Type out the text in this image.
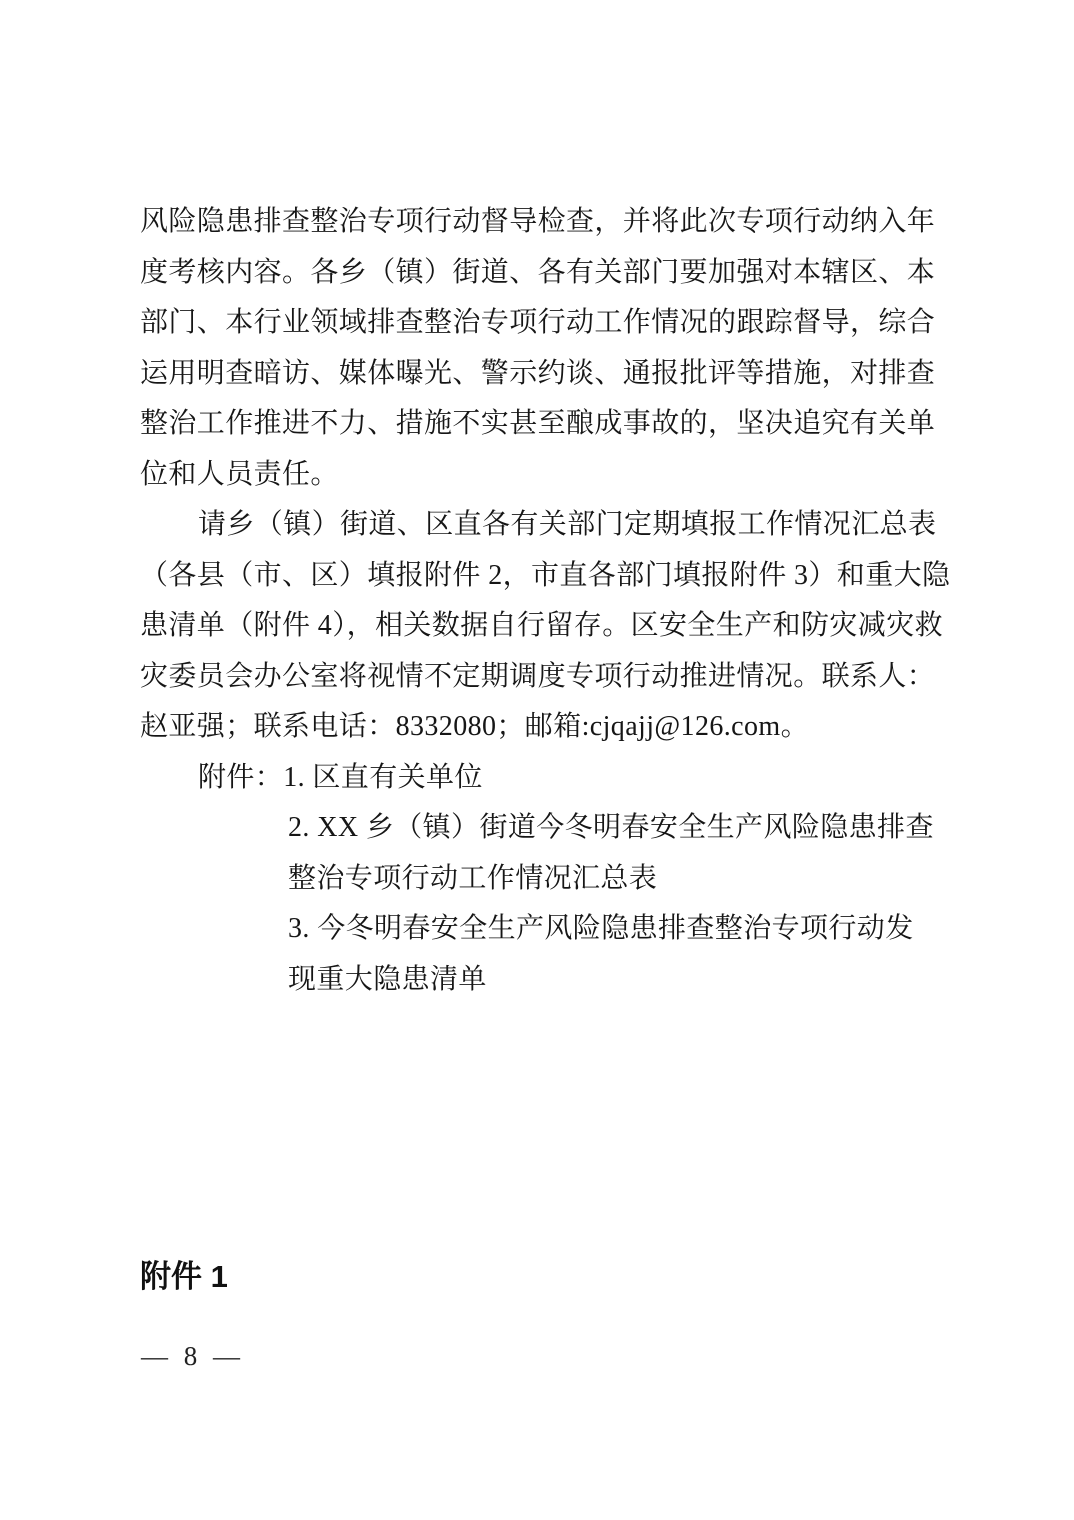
风险隐患排查整治专项行动督导检查，并将此次专项行动纳入年
度考核内容。各乡（镇）街道、各有关部门要加强对本辖区、本
部门、本行业领域排查整治专项行动工作情况的跟踪督导，综合
运用明查暗访、媒体曝光、警示约谈、通报批评等措施，对排查
整治工作推进不力、措施不实甚至酿成事故的，坚决追究有关单
位和人员责任。
请乡（镇）街道、区直各有关部门定期填报工作情况汇总表
（各县（市、区）填报附件 2，市直各部门填报附件 3）和重大隐
患清单（附件 4），相关数据自行留存。区安全生产和防灾减灾救
灾委员会办公室将视情不定期调度专项行动推进情况。联系人：
赵亚强；联系电话：8332080；邮箱:cjqajj@126.com。
附件：1. 区直有关单位
2. XX 乡（镇）街道今冬明春安全生产风险隐患排查
整治专项行动工作情况汇总表
3. 今冬明春安全生产风险隐患排查整治专项行动发
现重大隐患清单
附件 1
— 8 —
